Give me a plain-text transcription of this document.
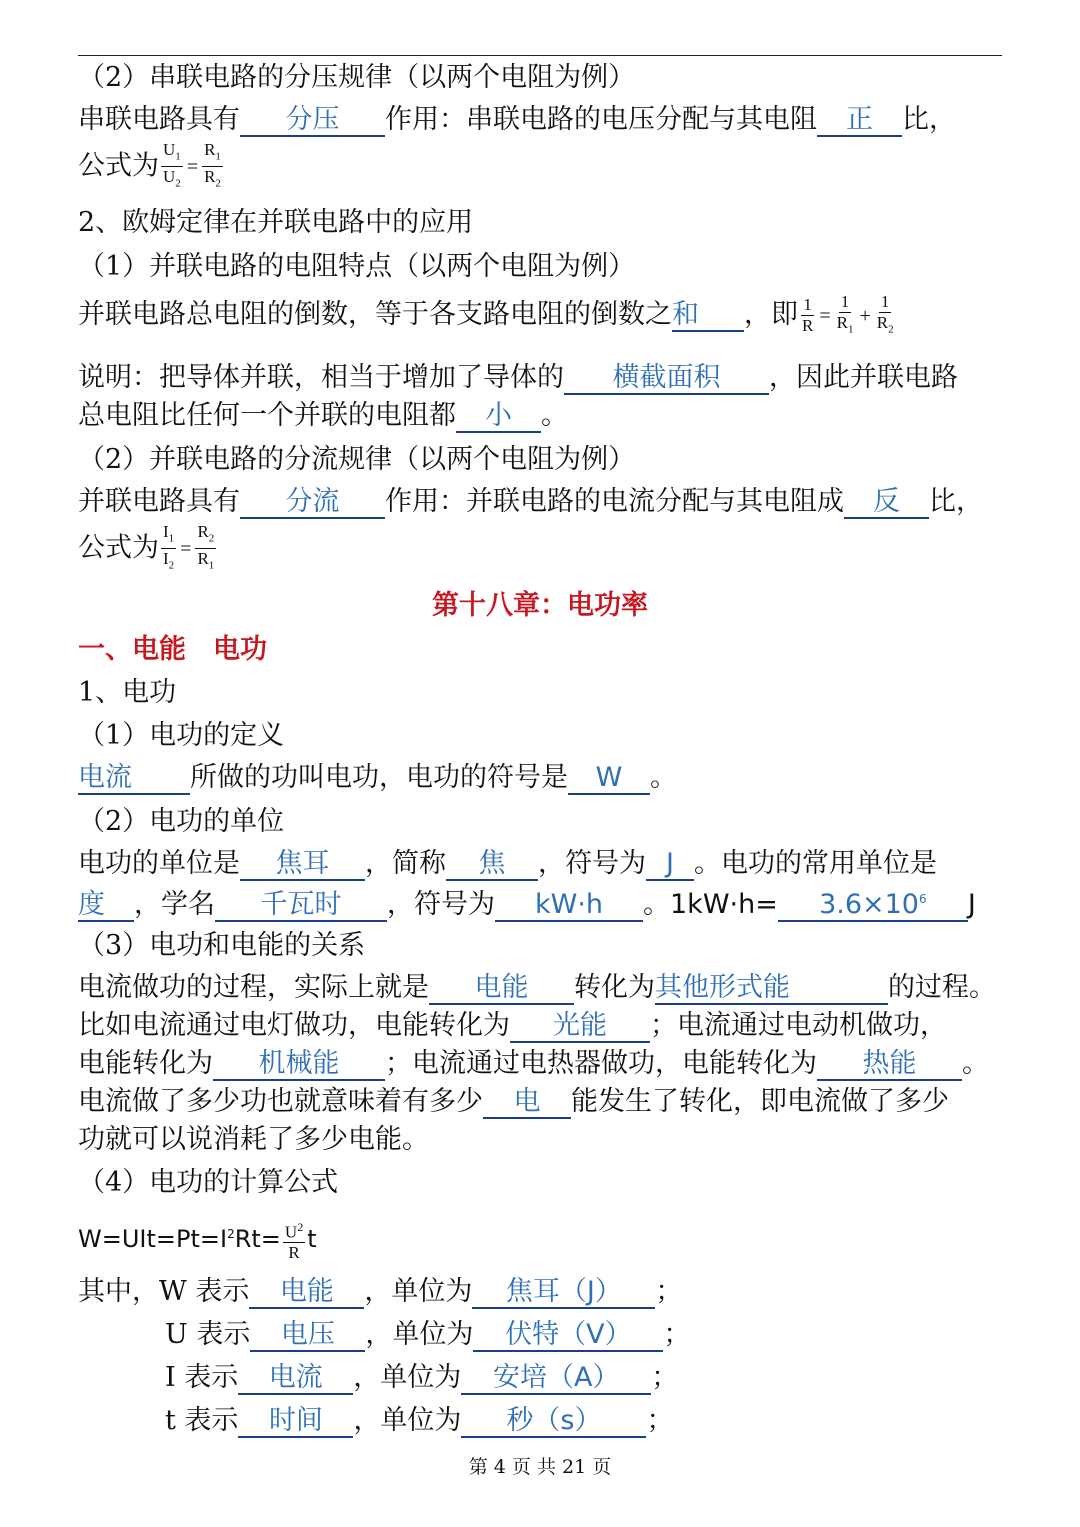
（2）串联电路的分压规律（以两个电阻为例）
串联电路具有 分压 作用：串联电路的电压分配与其电阻 正 比，
公式为 $\frac{U_1}{U_2} = \frac{R_1}{R_2}$
2、欧姆定律在并联电路中的应用
（1）并联电路的电阻特点（以两个电阻为例）
并联电路总电阻的倒数，等于各支路电阻的倒数之和 ，即 $\frac{1}{R} = \frac{1}{R_1} + \frac{1}{R_2}$
说明：把导体并联，相当于增加了导体的 横截面积 ，因此并联电路
总电阻比任何一个并联的电阻都 小 。
（2）并联电路的分流规律（以两个电阻为例）
并联电路具有 分流 作用：并联电路的电流分配与其电阻成 反 比，
公式为 $\frac{I_1}{I_2} = \frac{R_2}{R_1}$
第十八章：电功率
一、电能　电功
1、电功
（1）电功的定义
电流 所做的功叫电功，电功的符号是 W 。
（2）电功的单位
电功的单位是 焦耳 ，简称 焦 ，符号为 J 。电功的常用单位是
度 ，学名 千瓦时 ，符号为 kW·h 。$1kW\cdot h= 3.6\times 10^6$ J
（3）电功和电能的关系
电流做功的过程，实际上就是 电能 转化为其他形式能	的过程。
比如电流通过电灯做功，电能转化为 光能 ；电流通过电动机做功，
电能转化为 机械能 ；电流通过电热器做功，电能转化为 热能 。
电流做了多少功也就意味着有多少 电 能发生了转化，即电流做了多少
功就可以说消耗了多少电能。
（4）电功的计算公式
$W=UIt=Pt=I^2Rt= \frac{U^2}{R}$ t
其中，W 表示 电能 ，单位为 焦耳（J） ；
U 表示 电压 ，单位为 伏特（V） ；
I 表示 电流 ，单位为 安培（A） ；
t 表示 时间 ，单位为 秒（s） ；
第 4 页 共 21 页
